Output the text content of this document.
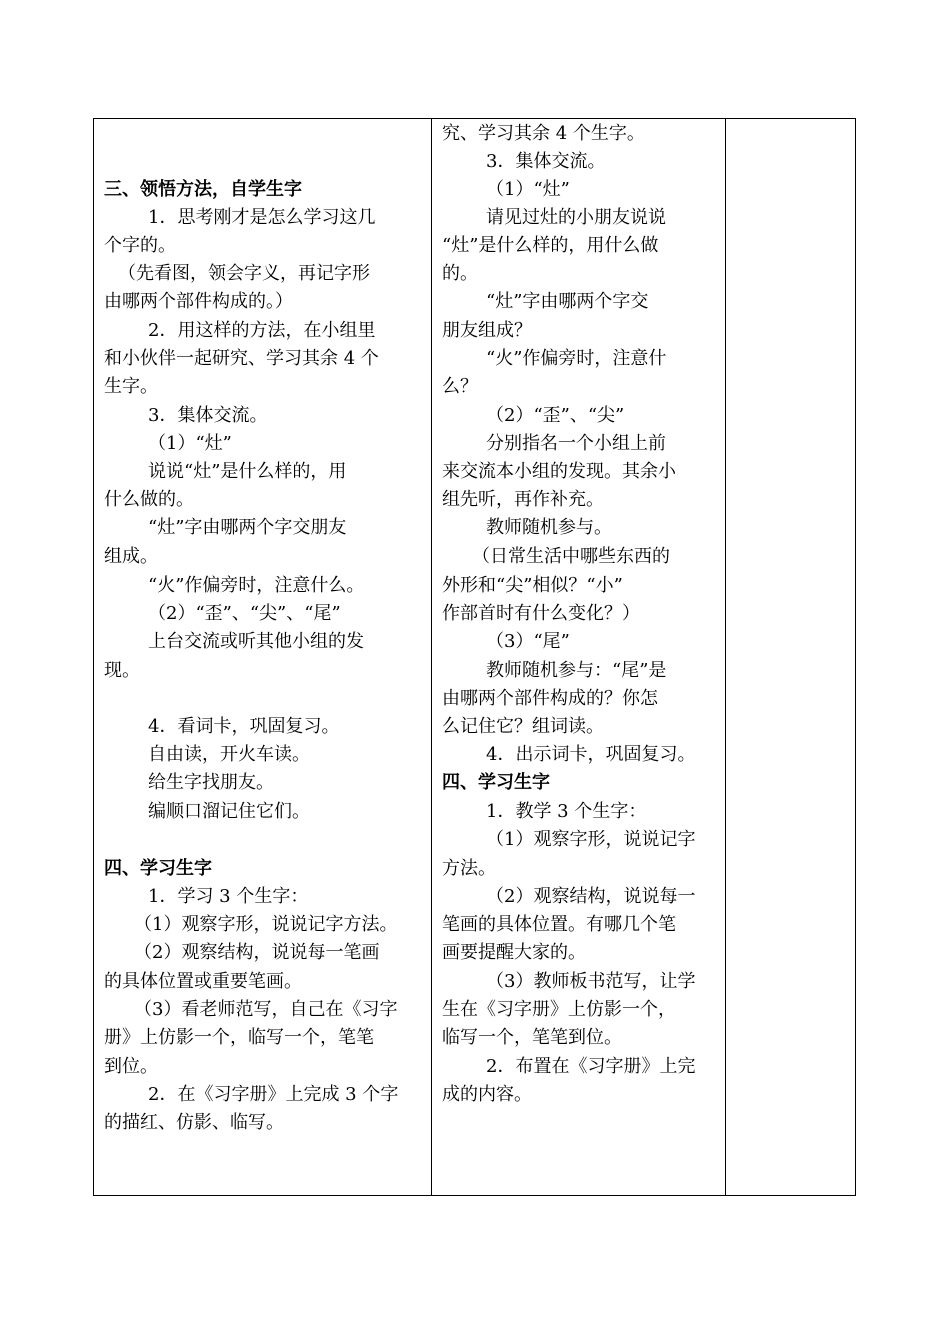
三、领悟方法，自学生字
1．思考刚才是怎么学习这几
个字的。
（先看图，领会字义，再记字形
由哪两个部件构成的。）
2．用这样的方法，在小组里
和小伙伴一起研究、学习其余 4 个
生字。
3．集体交流。
（1）“灶”
说说“灶”是什么样的，用
什么做的。
“灶”字由哪两个字交朋友
组成。
“火”作偏旁时，注意什么。
（2）“歪”、“尖”、“尾”
上台交流或听其他小组的发
现。
4．看词卡，巩固复习。
自由读，开火车读。
给生字找朋友。
编顺口溜记住它们。
四、学习生字
1．学习 3 个生字：
（1）观察字形，说说记字方法。
（2）观察结构，说说每一笔画
的具体位置或重要笔画。
（3）看老师范写，自己在《习字
册》上仿影一个，临写一个，笔笔
到位。
2．在《习字册》上完成 3 个字
的描红、仿影、临写。
究、学习其余 4 个生字。
3．集体交流。
（1）“灶”
请见过灶的小朋友说说
“灶”是什么样的，用什么做
的。
“灶”字由哪两个字交
朋友组成？
“火”作偏旁时，注意什
么？
（2）“歪”、“尖”
分别指名一个小组上前
来交流本小组的发现。其余小
组先听，再作补充。
教师随机参与。
（日常生活中哪些东西的
外形和“尖”相似？“小”
作部首时有什么变化？）
（3）“尾”
教师随机参与：“尾”是
由哪两个部件构成的？你怎
么记住它？组词读。
4．出示词卡，巩固复习。
四、学习生字
1．教学 3 个生字：
（1）观察字形，说说记字
方法。
（2）观察结构，说说每一
笔画的具体位置。有哪几个笔
画要提醒大家的。
（3）教师板书范写，让学
生在《习字册》上仿影一个，
临写一个，笔笔到位。
2．布置在《习字册》上完
成的内容。
